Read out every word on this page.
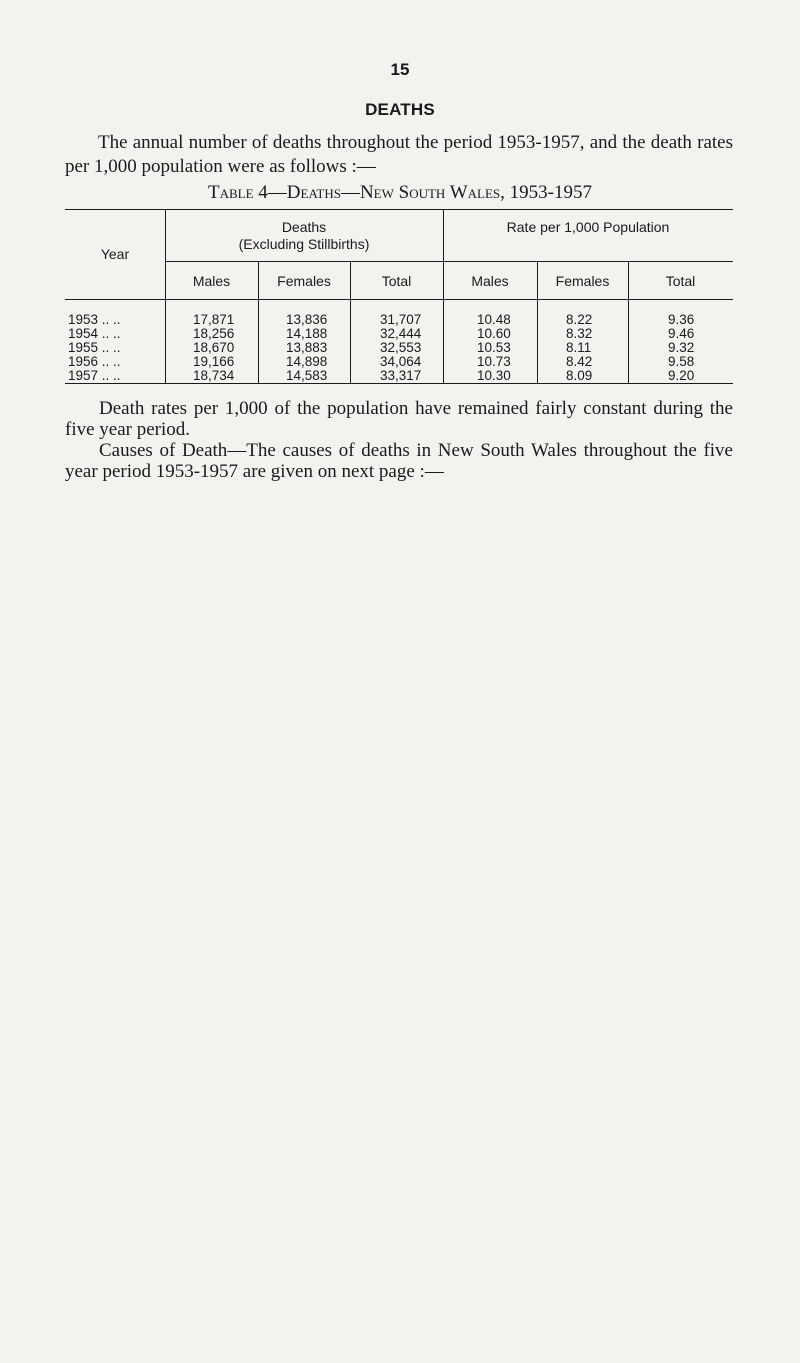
15
DEATHS
The annual number of deaths throughout the period 1953-1957, and the death rates per 1,000 population were as follows :—
Table 4—Deaths—New South Wales, 1953-1957
Year
Deaths
(Excluding Stillbirths)
Rate per 1,000 Population
Males	Females	Total	Males	Females	Total
1953 .. ..	17,871	13,836	31,707	10.48	8.22	9.36
1954 .. ..	18,256	14,188	32,444	10.60	8.32	9.46
1955 .. ..	18,670	13,883	32,553	10.53	8.11	9.32
1956 .. ..	19,166	14,898	34,064	10.73	8.42	9.58
1957 .. ..	18,734	14,583	33,317	10.30	8.09	9.20
Death rates per 1,000 of the population have remained fairly constant during the five year period.
Causes of Death—The causes of deaths in New South Wales throughout the five year period 1953-1957 are given on next page :—
